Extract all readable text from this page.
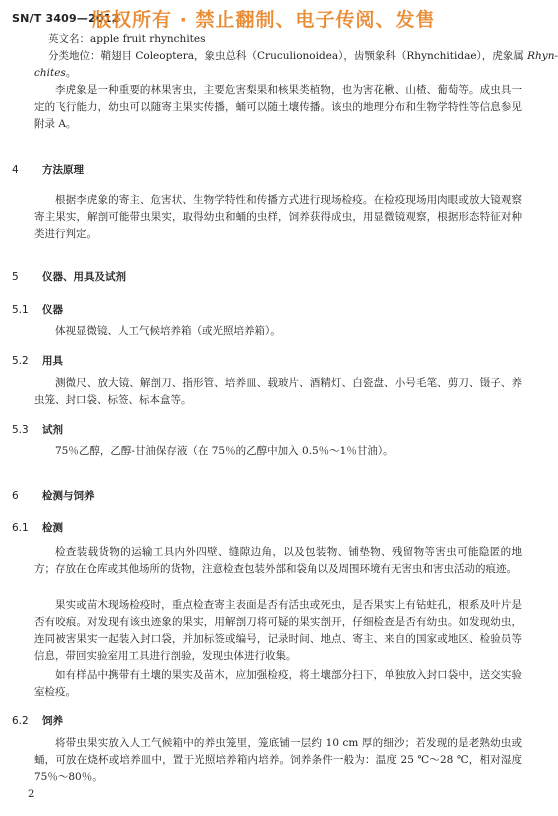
SN/T 3409—2012
版权所有 · 禁止翻制、电子传阅、发售
英文名：apple fruit rhynchites
分类地位：鞘翅目 Coleoptera，象虫总科（Cruculionoidea），齿颚象科（Rhynchitidae），虎象属 Rhyn-
chites。
李虎象是一种重要的林果害虫，主要危害梨果和核果类植物，也为害花楸、山楂、葡萄等。成虫具一定的飞行能力，幼虫可以随寄主果实传播，蛹可以随土壤传播。该虫的地理分布和生物学特性等信息参见附录 A。
4 方法原理
根据李虎象的寄主、危害状、生物学特性和传播方式进行现场检疫。在检疫现场用肉眼或放大镜观察寄主果实，解剖可能带虫果实，取得幼虫和蛹的虫样，饲养获得成虫，用显微镜观察，根据形态特征对种类进行判定。
5 仪器、用具及试剂
5.1 仪器
体视显微镜、人工气候培养箱（或光照培养箱）。
5.2 用具
测微尺、放大镜、解剖刀、指形管、培养皿、载玻片、酒精灯、白瓷盘、小号毛笔、剪刀、镊子、养虫笼、封口袋、标签、标本盒等。
5.3 试剂
75％乙醇，乙醇-甘油保存液（在 75％的乙醇中加入 0.5％～1％甘油）。
6 检测与饲养
6.1 检测
检查装载货物的运输工具内外四壁、缝隙边角，以及包装物、铺垫物、残留物等害虫可能隐匿的地方；存放在仓库或其他场所的货物，注意检查包装外部和袋角以及周围环境有无害虫和害虫活动的痕迹。
果实或苗木现场检疫时，重点检查寄主表面是否有活虫或死虫，是否果实上有钻蛀孔，根系及叶片是否有咬痕。对发现有该虫迹象的果实，用解剖刀将可疑的果实剖开，仔细检查是否有幼虫。如发现幼虫，连同被害果实一起装入封口袋，并加标签或编号，记录时间、地点、寄主、来自的国家或地区、检验员等信息，带回实验室用工具进行剖验，发现虫体进行收集。
如有样品中携带有土壤的果实及苗木，应加强检疫，将土壤部分扫下，单独放入封口袋中，送交实验室检疫。
6.2 饲养
将带虫果实放入人工气候箱中的养虫笼里，笼底铺一层约 10 cm 厚的细沙；若发现的是老熟幼虫或蛹，可放在烧杯或培养皿中，置于光照培养箱内培养。饲养条件一般为：温度 25 ℃～28 ℃，相对湿度 75％～80％。
2
